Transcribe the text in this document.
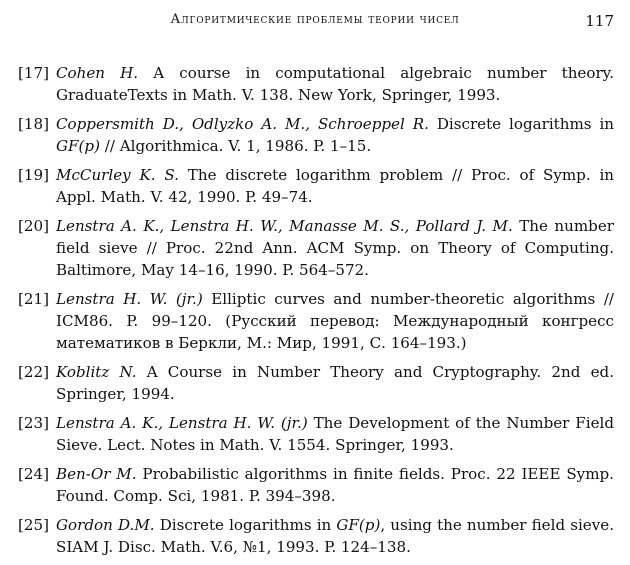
Алгоритмические проблемы теории чисел	117
[17] Cohen H. A course in computational algebraic number theory. GraduateTexts in Math. V. 138. New York, Springer, 1993.
[18] Coppersmith D., Odlyzko A. M., Schroeppel R. Discrete logarithms in GF(p) // Algorithmica. V. 1, 1986. P. 1–15.
[19] McCurley K. S. The discrete logarithm problem // Proc. of Symp. in Appl. Math. V. 42, 1990. P. 49–74.
[20] Lenstra A. K., Lenstra H. W., Manasse M. S., Pollard J. M. The number field sieve // Proc. 22nd Ann. ACM Symp. on Theory of Computing. Baltimore, May 14–16, 1990. P. 564–572.
[21] Lenstra H. W. (jr.) Elliptic curves and number-theoretic algorithms // ICM86. P. 99–120. (Русский перевод: Международный конгресс математиков в Беркли, М.: Мир, 1991, С. 164–193.)
[22] Koblitz N. A Course in Number Theory and Cryptography. 2nd ed. Springer, 1994.
[23] Lenstra A. K., Lenstra H. W. (jr.) The Development of the Number Field Sieve. Lect. Notes in Math. V. 1554. Springer, 1993.
[24] Ben-Or M. Probabilistic algorithms in finite fields. Proc. 22 IEEE Symp. Found. Comp. Sci, 1981. P. 394–398.
[25] Gordon D.M. Discrete logarithms in GF(p), using the number field sieve. SIAM J. Disc. Math. V.6, №1, 1993. P. 124–138.
